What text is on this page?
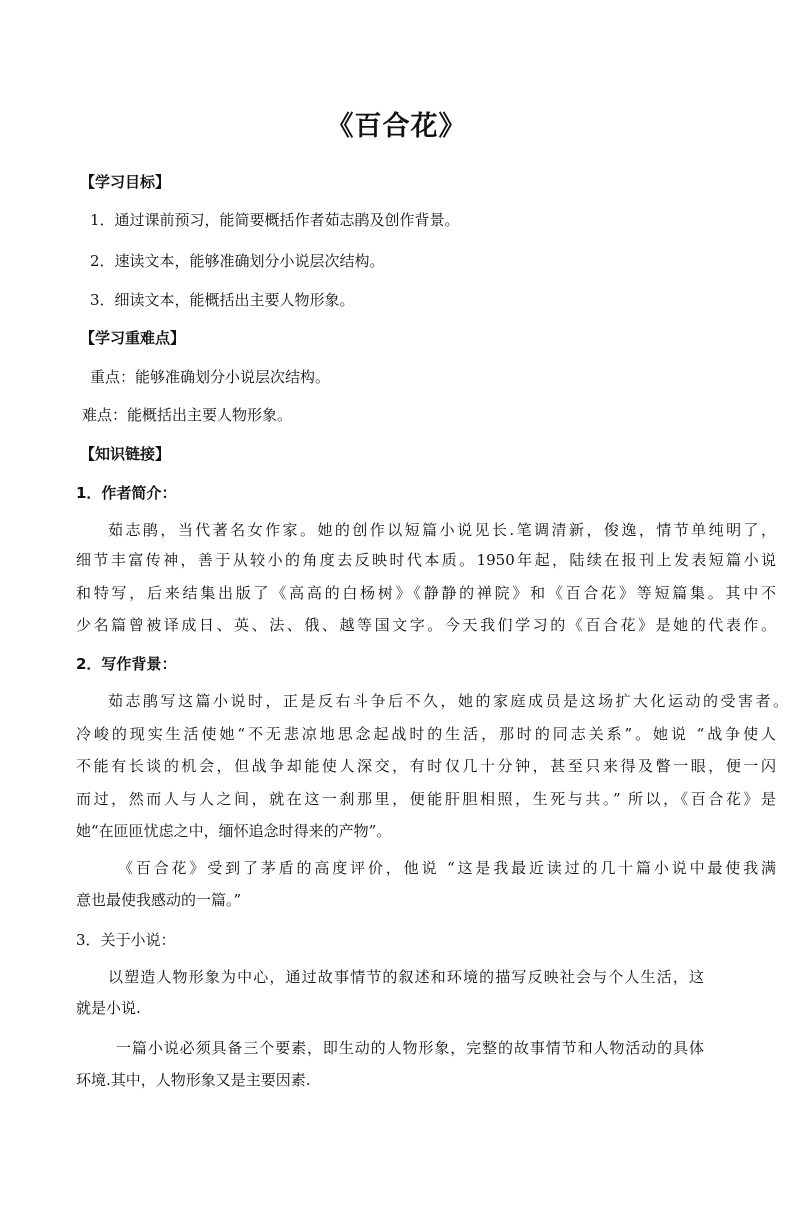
《百合花》
【学习目标】
1．通过课前预习，能简要概括作者茹志鹃及创作背景。
2．速读文本，能够准确划分小说层次结构。
3．细读文本，能概括出主要人物形象。
【学习重难点】
重点：能够准确划分小说层次结构。
难点：能概括出主要人物形象。
【知识链接】
1．作者简介：
茹志鹃，当代著名女作家。她的创作以短篇小说见长.笔调清新，俊逸，情节单纯明了，
细节丰富传神，善于从较小的角度去反映时代本质。1950年起，陆续在报刊上发表短篇小说
和特写，后来结集出版了《高高的白杨树》《静静的禅院》和《百合花》等短篇集。其中不
少名篇曾被译成日、英、法、俄、越等国文字。今天我们学习的《百合花》是她的代表作。
2．写作背景：
茹志鹃写这篇小说时，正是反右斗争后不久，她的家庭成员是这场扩大化运动的受害者。
冷峻的现实生活使她“不无悲凉地思念起战时的生活，那时的同志关系”。她说 “战争使人
不能有长谈的机会，但战争却能使人深交，有时仅几十分钟，甚至只来得及瞥一眼，便一闪
而过，然而人与人之间，就在这一刹那里，便能肝胆相照，生死与共。” 所以，《百合花》是
她“在匝匝忧虑之中，缅怀追念时得来的产物”。
《百合花》受到了茅盾的高度评价，他说 “这是我最近读过的几十篇小说中最使我满
意也最使我感动的一篇。”
3．关于小说：
以塑造人物形象为中心，通过故事情节的叙述和环境的描写反映社会与个人生活，这
就是小说.
一篇小说必须具备三个要素，即生动的人物形象，完整的故事情节和人物活动的具体
环境.其中，人物形象又是主要因素.
